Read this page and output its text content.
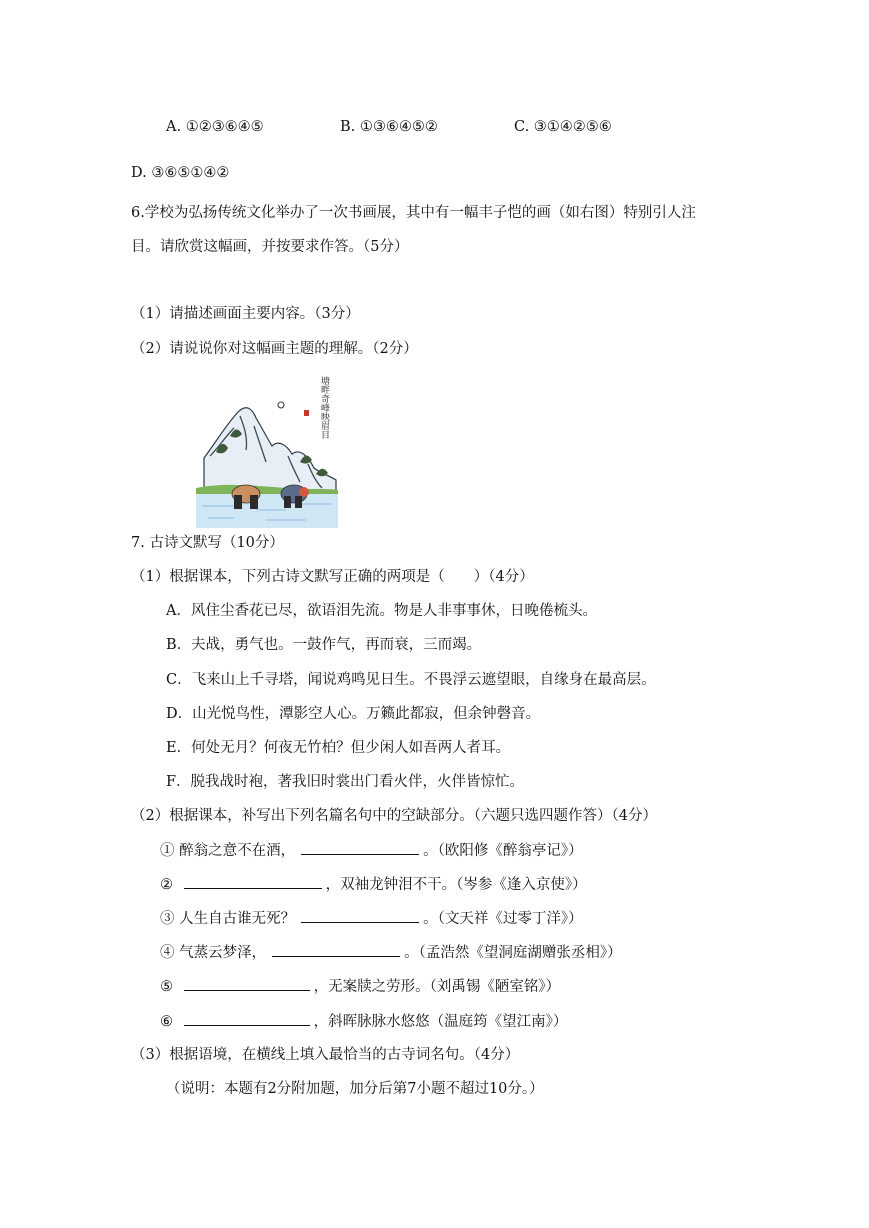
A. ①②③⑥④⑤	B. ①③⑥④⑤②	C. ③①④②⑤⑥
D. ③⑥⑤①④②
6.学校为弘扬传统文化举办了一次书画展，其中有一幅丰子恺的画（如右图）特别引人注
目。请欣赏这幅画，并按要求作答。（5分）
（1）请描述画面主要内容。（3分）
（2）请说说你对这幅画主题的理解。（2分）
塘畔奇峰映眉目
7. 古诗文默写（10分）
（1）根据课本，下列古诗文默写正确的两项是（　　）（4分）
A．风住尘香花已尽，欲语泪先流。物是人非事事休，日晚倦梳头。
B．夫战，勇气也。一鼓作气，再而衰，三而竭。
C．飞来山上千寻塔，闻说鸡鸣见日生。不畏浮云遮望眼，自缘身在最高层。
D．山光悦鸟性，潭影空人心。万籁此都寂，但余钟磬音。
E．何处无月？何夜无竹柏？但少闲人如吾两人者耳。
F．脱我战时袍，著我旧时裳出门看火伴，火伴皆惊忙。
（2）根据课本，补写出下列名篇名句中的空缺部分。（六题只选四题作答）（4分）
① 醉翁之意不在酒，	。（欧阳修《醉翁亭记》）
②	，双袖龙钟泪不干。（岑参《逢入京使》）
③ 人生自古谁无死？	。（文天祥《过零丁洋》）
④ 气蒸云梦泽，	。（孟浩然《望洞庭湖赠张丞相》）
⑤	，无案牍之劳形。（刘禹锡《陋室铭》）
⑥	，斜晖脉脉水悠悠（温庭筠《望江南》）
（3）根据语境，在横线上填入最恰当的古寺词名句。（4分）
（说明：本题有2分附加题，加分后第7小题不超过10分。）
